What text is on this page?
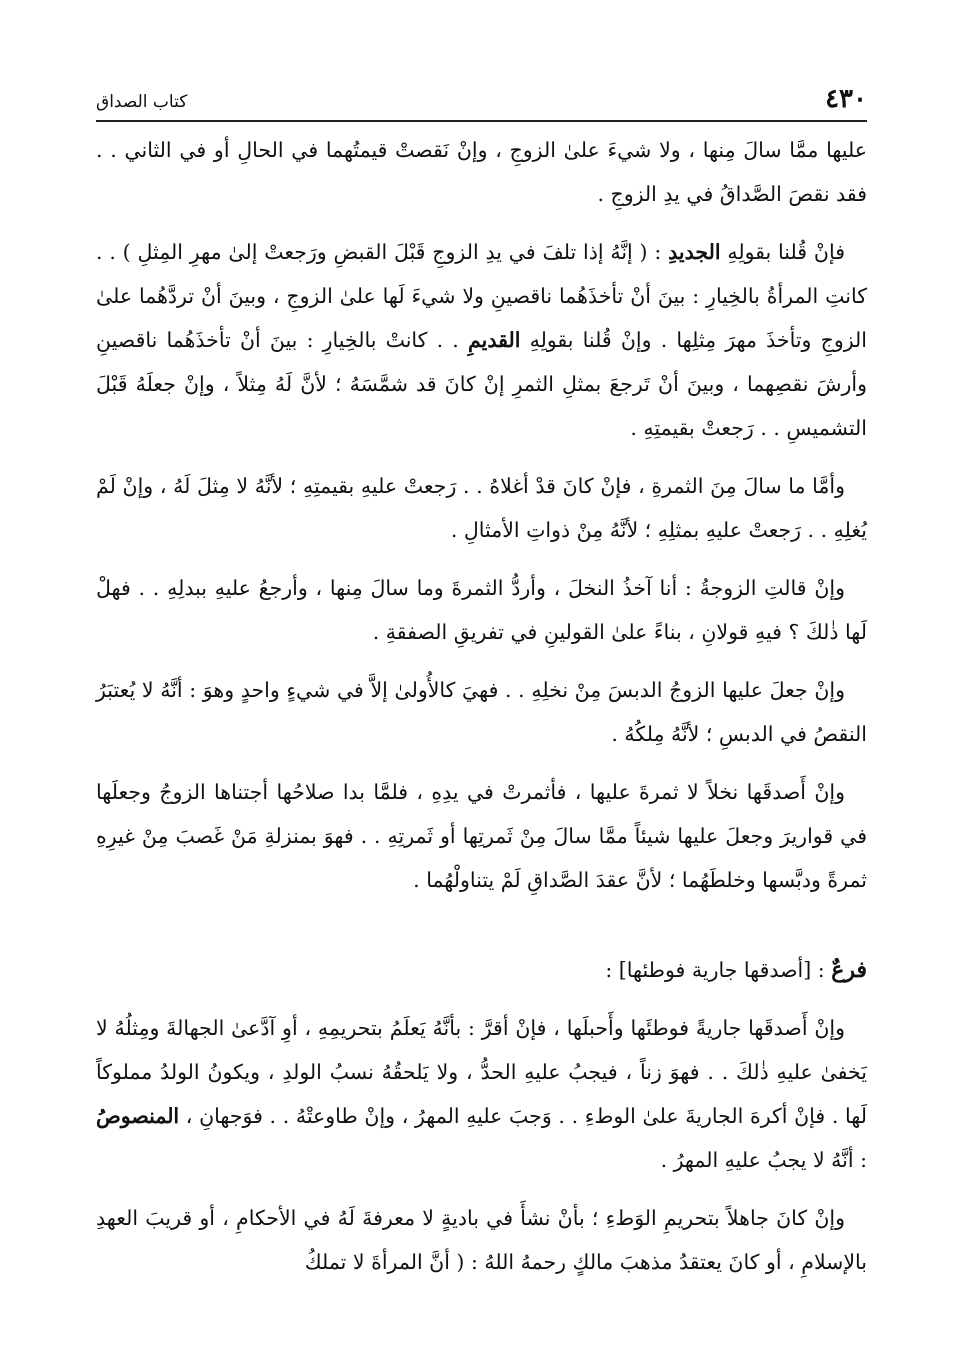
٤٣٠
كتاب الصداق

عليها ممَّا سالَ مِنها ، ولا شيءَ علىٰ الزوجِ ، وإنْ نَقصتْ قيمتُهما في الحالِ أو في الثاني . . فقد نقصَ الصَّداقُ في يدِ الزوجِ .

فإنْ قُلنا بقولِهِ الجديدِ : ( إنَّهُ إذا تلفَ في يدِ الزوجِ قَبْلَ القبضِ ورَجعتْ إلىٰ مهرِ المِثلِ ) . . كانتِ المرأةُ بالخِيارِ : بينَ أنْ تأخذَهُما ناقصينِ ولا شيءَ لَها علىٰ الزوجِ ، وبينَ أنْ تردَّهُما علىٰ الزوجِ وتأخذَ مهرَ مِثلِها . وإنْ قُلنا بقولِهِ القديمِ . . كانتْ بالخِيارِ : بينَ أنْ تأخذَهُما ناقصينِ وأرشَ نقصِهما ، وبينَ أنْ تَرجعَ بمثلِ الثمرِ إنْ كانَ قد شمَّسَهُ ؛ لأنَّ لَهُ مِثلاً ، وإنْ جعلَهُ قَبْلَ التشميسِ . . رَجعتْ بقيمتِهِ .

وأمَّا ما سالَ مِنَ الثمرةِ ، فإنْ كانَ قدْ أغلاهُ . . رَجعتْ عليهِ بقيمتِهِ ؛ لأنَّهُ لا مِثلَ لَهُ ، وإنْ لَمْ يُغلِهِ . . رَجعتْ عليهِ بمثلِهِ ؛ لأنَّهُ مِنْ ذواتِ الأمثالِ .

وإنْ قالتِ الزوجةُ : أنا آخذُ النخلَ ، وأردُّ الثمرةَ وما سالَ مِنها ، وأرجعُ عليهِ ببدلِهِ . . فهلْ لَها ذٰلكَ ؟ فيهِ قولانِ ، بناءً علىٰ القولينِ في تفريقِ الصفقةِ .

وإنْ جعلَ عليها الزوجُ الدبسَ مِنْ نخلِهِ . . فهيَ كالأُولىٰ إلاَّ في شيءٍ واحدٍ وهوَ : أنَّهُ لا يُعتبَرُ النقصُ في الدبسِ ؛ لأنَّهُ مِلكُهُ .

وإنْ أَصدقَها نخلاً لا ثمرةَ عليها ، فأثمرتْ في يدِهِ ، فلمَّا بدا صلاحُها أجتناها الزوجُ وجعلَها في قواريرَ وجعلَ عليها شيئاً ممَّا سالَ مِنْ ثَمرتِها أو ثَمرتِهِ . . فهوَ بمنزلةِ مَنْ غَصبَ مِنْ غيرِهِ ثمرةً ودبَّسها وخلطَهُما ؛ لأنَّ عقدَ الصَّداقِ لَمْ يتناولْهُما .

فرعٌ : [أصدقها جارية فوطئها] :

وإنْ أَصدقَها جاريةً فوطئَها وأَحبلَها ، فإنْ أقرَّ : بأنَّهُ يَعلَمُ بتحريمِهِ ، أوِ آدَّعىٰ الجهالةَ ومِثلُهُ لا يَخفىٰ عليهِ ذٰلكَ . . فهوَ زناً ، فيجبُ عليهِ الحدُّ ، ولا يَلحقُهُ نسبُ الولدِ ، ويكونُ الولدُ مملوكاً لَها . فإنْ أكرهَ الجاريةَ علىٰ الوطءِ . . وَجبَ عليهِ المهرُ ، وإنْ طاوعتْهُ . . فوَجهانِ ، المنصوصُ : أنَّهُ لا يجبُ عليهِ المهرُ .

وإنْ كانَ جاهلاً بتحريمِ الوَطءِ ؛ بأنْ نشأَ في باديةٍ لا معرفةَ لَهُ في الأحكامِ ، أو قريبَ العهدِ بالإسلامِ ، أو كانَ يعتقدُ مذهبَ مالكٍ رحمهُ اللهُ : ( أنَّ المرأةَ لا تملكُ
